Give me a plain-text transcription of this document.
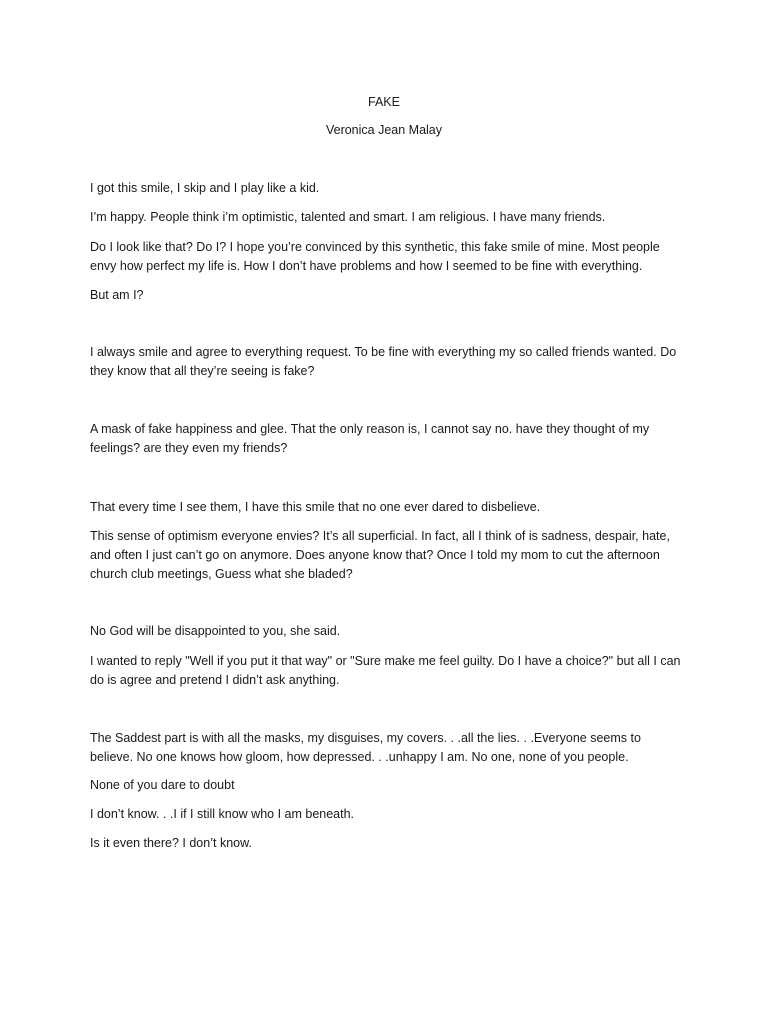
FAKE

Veronica Jean Malay

I got this smile, I skip and I play like a kid.

I’m happy. People think i’m optimistic, talented and smart. I am religious. I have many friends.

Do I look like that? Do I? I hope you’re convinced by this synthetic, this fake smile of mine. Most people envy how perfect my life is. How I don’t have problems and how I seemed to be fine with everything.

But am I?

I always smile and agree to everything request. To be fine with everything my so called friends wanted. Do they know that all they’re seeing is fake?

A mask of fake happiness and glee. That the only reason is, I cannot say no. have they thought of my feelings? are they even my friends?

That every time I see them, I have this smile that no one ever dared to disbelieve.

This sense of optimism everyone envies? It’s all superficial. In fact, all I think of is sadness, despair, hate, and often I just can’t go on anymore. Does anyone know that? Once I told my mom to cut the afternoon church club meetings, Guess what she bladed?

No God will be disappointed to you, she said.

I wanted to reply "Well if you put it that way" or "Sure make me feel guilty. Do I have a choice?" but all I can do is agree and pretend I didn’t ask anything.

The Saddest part is with all the masks, my disguises, my covers. . .all the lies. . .Everyone seems to believe. No one knows how gloom, how depressed. . .unhappy I am. No one, none of you people.

None of you dare to doubt

I don’t know. . .I if I still know who I am beneath.

Is it even there? I don’t know.
